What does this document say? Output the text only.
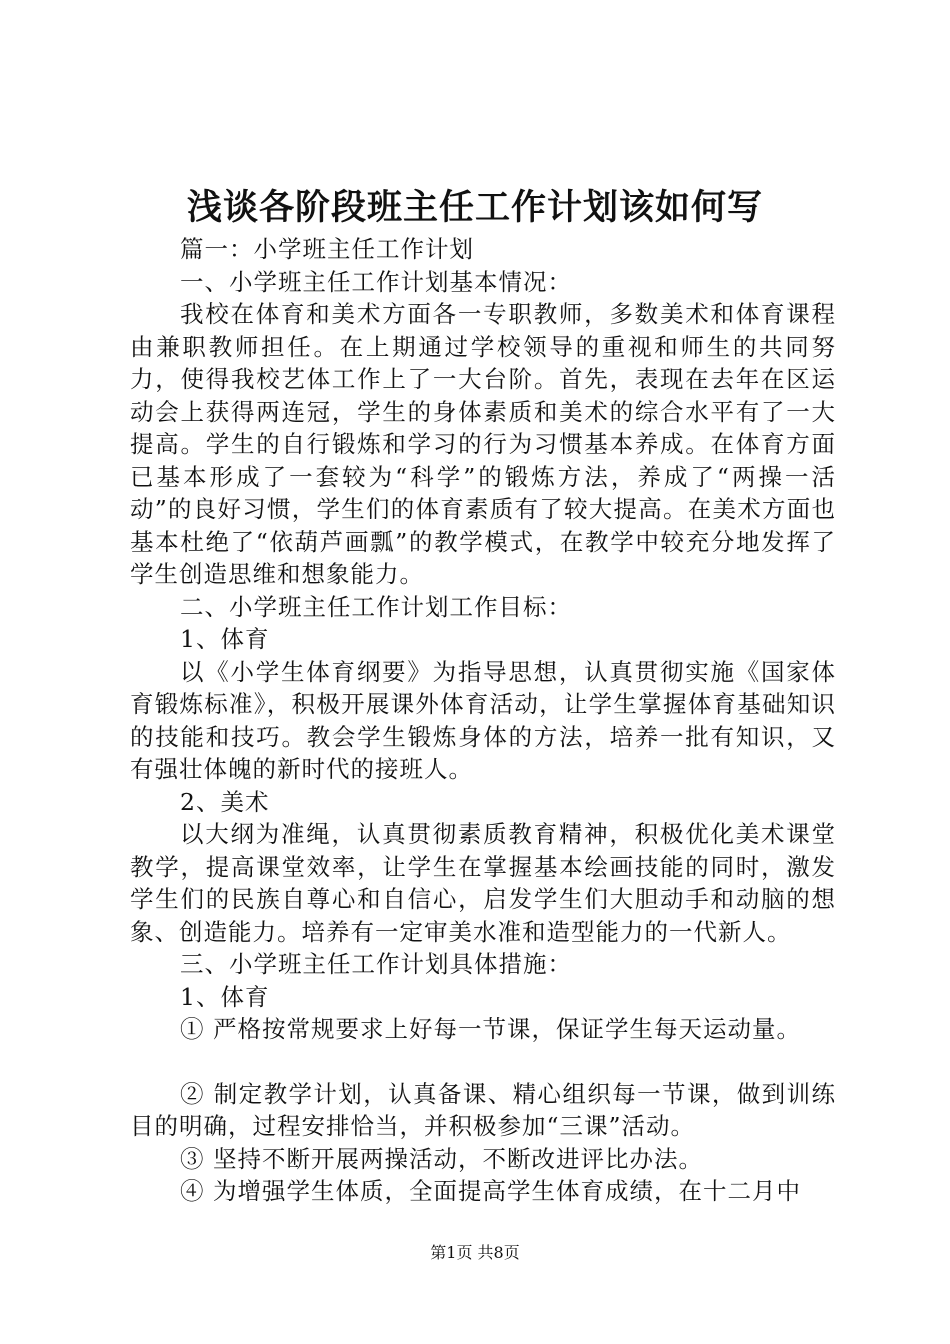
浅谈各阶段班主任工作计划该如何写

篇一：小学班主任工作计划

一、小学班主任工作计划基本情况：

我校在体育和美术方面各一专职教师，多数美术和体育课程由兼职教师担任。在上期通过学校领导的重视和师生的共同努力，使得我校艺体工作上了一大台阶。首先，表现在去年在区运动会上获得两连冠，学生的身体素质和美术的综合水平有了一大提高。学生的自行锻炼和学习的行为习惯基本养成。在体育方面已基本形成了一套较为“科学”的锻炼方法，养成了“两操一活动”的良好习惯，学生们的体育素质有了较大提高。在美术方面也基本杜绝了“依葫芦画瓢”的教学模式，在教学中较充分地发挥了学生创造思维和想象能力。

二、小学班主任工作计划工作目标：

1、体育

以《小学生体育纲要》为指导思想，认真贯彻实施《国家体育锻炼标准》，积极开展课外体育活动，让学生掌握体育基础知识的技能和技巧。教会学生锻炼身体的方法，培养一批有知识，又有强壮体魄的新时代的接班人。

2、美术

以大纲为准绳，认真贯彻素质教育精神，积极优化美术课堂教学，提高课堂效率，让学生在掌握基本绘画技能的同时，激发学生们的民族自尊心和自信心，启发学生们大胆动手和动脑的想象、创造能力。培养有一定审美水准和造型能力的一代新人。

三、小学班主任工作计划具体措施：

1、体育

① 严格按常规要求上好每一节课，保证学生每天运动量。

② 制定教学计划，认真备课、精心组织每一节课，做到训练目的明确，过程安排恰当，并积极参加“三课”活动。

③ 坚持不断开展两操活动，不断改进评比办法。

④ 为增强学生体质，全面提高学生体育成绩，在十二月中

第1页 共8页
